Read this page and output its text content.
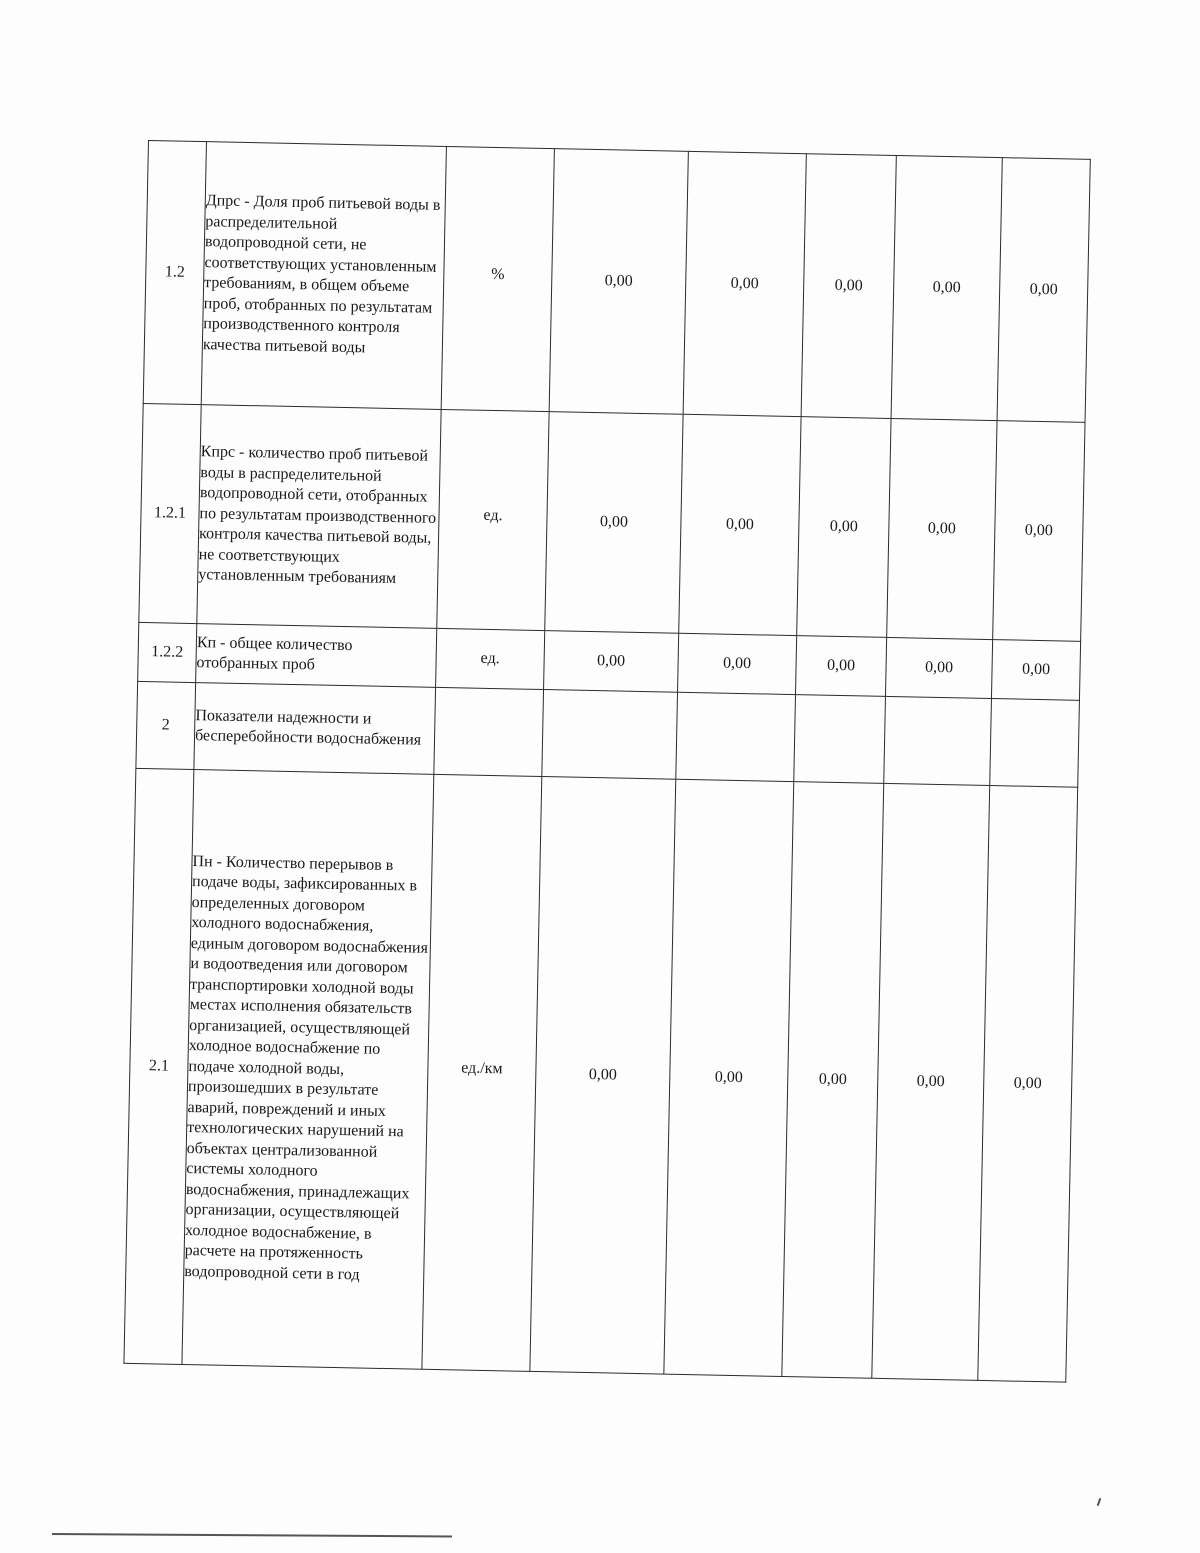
1.2	Дпрс - Доля проб питьевой воды в распределительной водопроводной сети, не соответствующих установленным требованиям, в общем объеме проб, отобранных по результатам производственного контроля качества питьевой воды	%	0,00	0,00	0,00	0,00	0,00
1.2.1	Кпрс - количество проб питьевой воды в распределительной водопроводной сети, отобранных по результатам производственного контроля качества питьевой воды, не соответствующих установленным требованиям	ед.	0,00	0,00	0,00	0,00	0,00
1.2.2	Кп - общее количество отобранных проб	ед.	0,00	0,00	0,00	0,00	0,00
2	Показатели надежности и бесперебойности водоснабжения						
2.1	Пн - Количество перерывов в подаче воды, зафиксированных в определенных договором холодного водоснабжения, единым договором водоснабжения и водоотведения или договором транспортировки холодной воды местах исполнения обязательств организацией, осуществляющей холодное водоснабжение по подаче холодной воды, произошедших в результате аварий, повреждений и иных технологических нарушений на объектах централизованной системы холодного водоснабжения, принадлежащих организации, осуществляющей холодное водоснабжение, в расчете на протяженность водопроводной сети в год	ед./км	0,00	0,00	0,00	0,00	0,00
